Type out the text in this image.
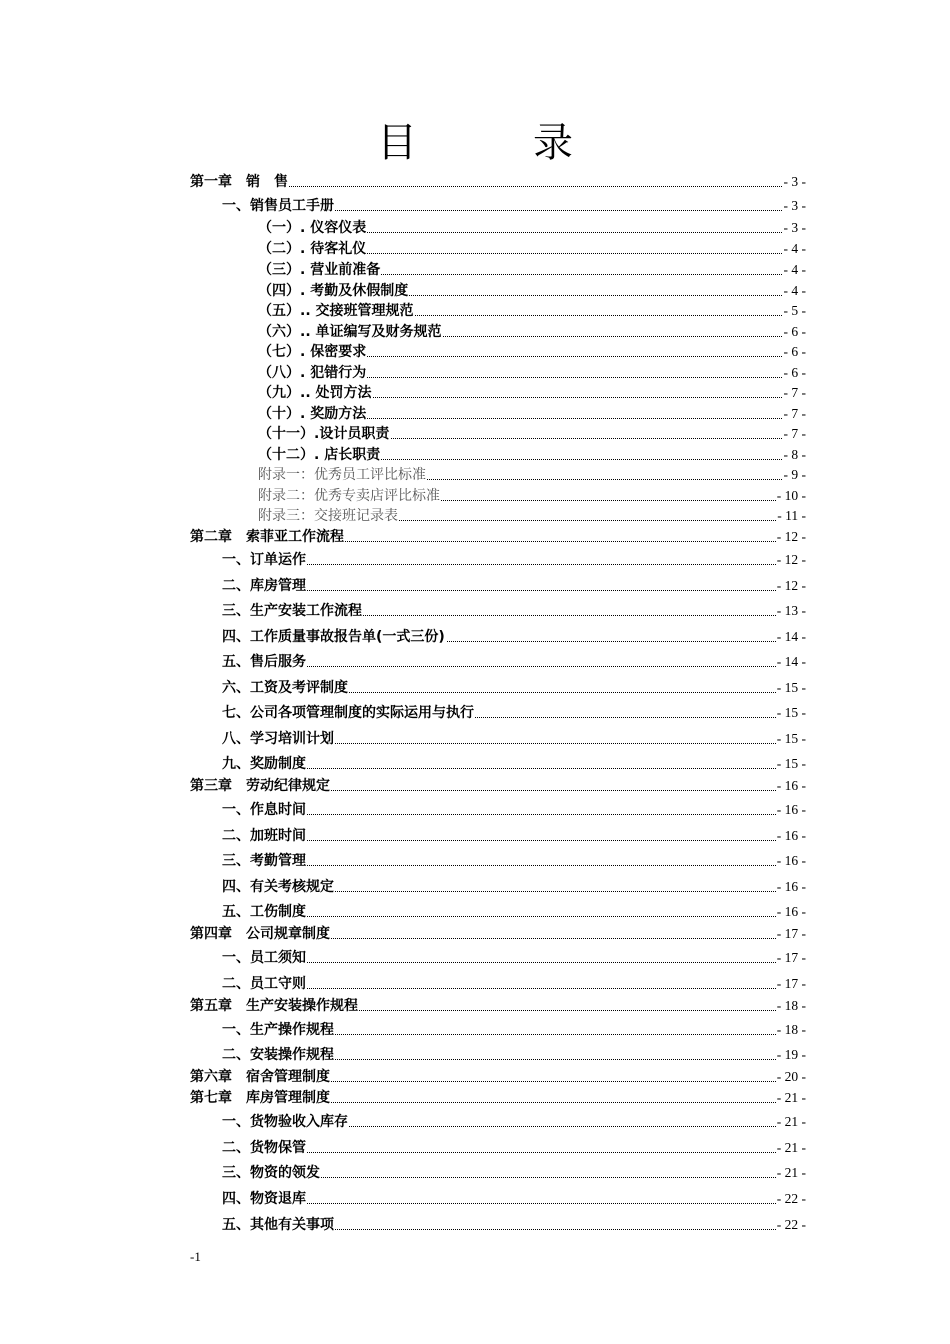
目　录
第一章　销　售	- 3 -
一、销售员工手册	- 3 -
（一）. 仪容仪表	- 3 -
（二）. 待客礼仪	- 4 -
（三）. 营业前准备	- 4 -
（四）. 考勤及休假制度	- 4 -
（五）.. 交接班管理规范	- 5 -
（六）.. 单证编写及财务规范	- 6 -
（七）. 保密要求	- 6 -
（八）. 犯错行为	- 6 -
（九）.. 处罚方法	- 7 -
（十）. 奖励方法	- 7 -
（十一）.设计员职责	- 7 -
（十二）. 店长职责	- 8 -
附录一：优秀员工评比标准	- 9 -
附录二：优秀专卖店评比标准	- 10 -
附录三：交接班记录表	- 11 -
第二章　索菲亚工作流程	- 12 -
一、订单运作	- 12 -
二、库房管理	- 12 -
三、生产安装工作流程	- 13 -
四、工作质量事故报告单(一式三份)	- 14 -
五、售后服务	- 14 -
六、工资及考评制度	- 15 -
七、公司各项管理制度的实际运用与执行	- 15 -
八、学习培训计划	- 15 -
九、奖励制度	- 15 -
第三章　劳动纪律规定	- 16 -
一、作息时间	- 16 -
二、加班时间	- 16 -
三、考勤管理	- 16 -
四、有关考核规定	- 16 -
五、工伤制度	- 16 -
第四章　公司规章制度	- 17 -
一、员工须知	- 17 -
二、员工守则	- 17 -
第五章　生产安装操作规程	- 18 -
一、生产操作规程	- 18 -
二、安装操作规程	- 19 -
第六章　宿舍管理制度	- 20 -
第七章　库房管理制度	- 21 -
一、货物验收入库存	- 21 -
二、货物保管	- 21 -
三、物资的领发	- 21 -
四、物资退库	- 22 -
五、其他有关事项	- 22 -
-1
